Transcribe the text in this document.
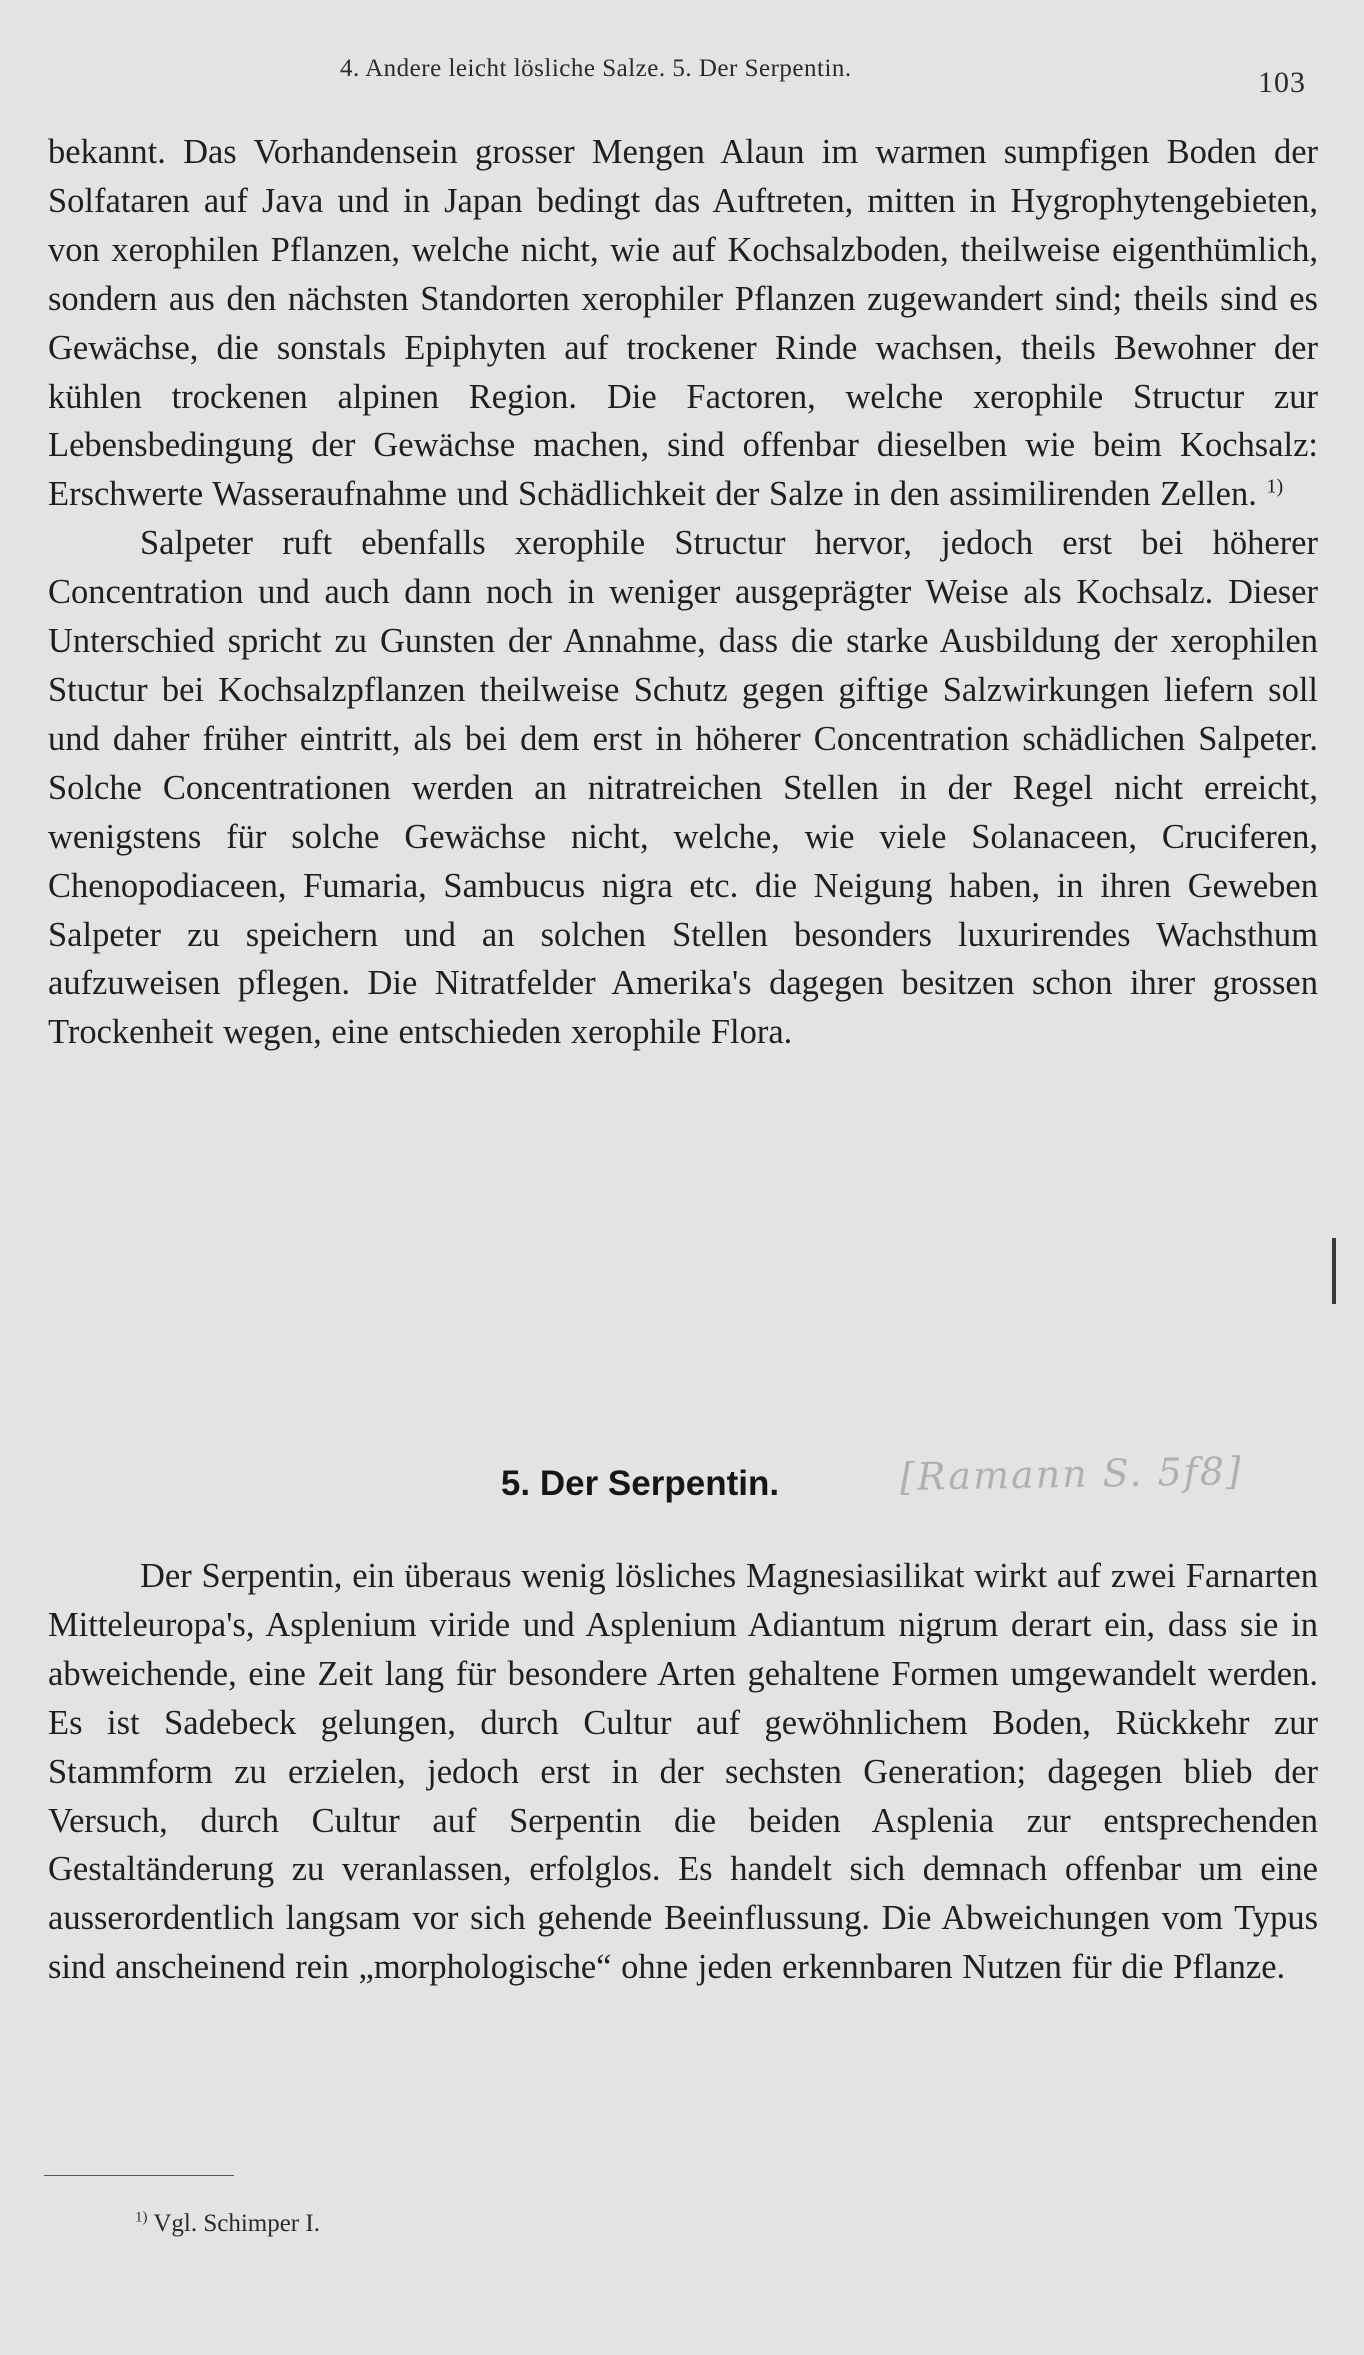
4. Andere leicht lösliche Salze. 5. Der Serpentin.	103

bekannt. Das Vorhandensein grosser Mengen Alaun im warmen sumpfigen Boden der Solfataren auf Java und in Japan bedingt das Auftreten, mitten in Hygrophytengebieten, von xerophilen Pflanzen, welche nicht, wie auf Kochsalzboden, theilweise eigenthümlich, sondern aus den nächsten Standorten xerophiler Pflanzen zugewandert sind; theils sind es Gewächse, die sonstals Epiphyten auf trockener Rinde wachsen, theils Bewohner der kühlen trockenen alpinen Region. Die Factoren, welche xerophile Structur zur Lebensbedingung der Gewächse machen, sind offenbar dieselben wie beim Kochsalz: Erschwerte Wasseraufnahme und Schädlichkeit der Salze in den assimilirenden Zellen. $^{1)}$

Salpeter ruft ebenfalls xerophile Structur hervor, jedoch erst bei höherer Concentration und auch dann noch in weniger ausgeprägter Weise als Kochsalz. Dieser Unterschied spricht zu Gunsten der Annahme, dass die starke Ausbildung der xerophilen Stuctur bei Kochsalzpflanzen theilweise Schutz gegen giftige Salzwirkungen liefern soll und daher früher eintritt, als bei dem erst in höherer Concentration schädlichen Salpeter. Solche Concentrationen werden an nitratreichen Stellen in der Regel nicht erreicht, wenigstens für solche Gewächse nicht, welche, wie viele Solanaceen, Cruciferen, Chenopodiaceen, Fumaria, Sambucus nigra etc. die Neigung haben, in ihren Geweben Salpeter zu speichern und an solchen Stellen besonders luxurirendes Wachsthum aufzuweisen pflegen. Die Nitratfelder Amerika's dagegen besitzen schon ihrer grossen Trockenheit wegen, eine entschieden xerophile Flora.

5. Der Serpentin.	[Ramann S. 5f8]

Der Serpentin, ein überaus wenig lösliches Magnesiasilikat wirkt auf zwei Farnarten Mitteleuropa's, Asplenium viride und Asplenium Adiantum nigrum derart ein, dass sie in abweichende, eine Zeit lang für besondere Arten gehaltene Formen umgewandelt werden. Es ist Sadebeck gelungen, durch Cultur auf gewöhnlichem Boden, Rückkehr zur Stammform zu erzielen, jedoch erst in der sechsten Generation; dagegen blieb der Versuch, durch Cultur auf Serpentin die beiden Asplenia zur entsprechenden Gestaltänderung zu veranlassen, erfolglos. Es handelt sich demnach offenbar um eine ausserordentlich langsam vor sich gehende Beeinflussung. Die Abweichungen vom Typus sind anscheinend rein „morphologische“ ohne jeden erkennbaren Nutzen für die Pflanze.

$^{1)}$ Vgl. Schimper I.
